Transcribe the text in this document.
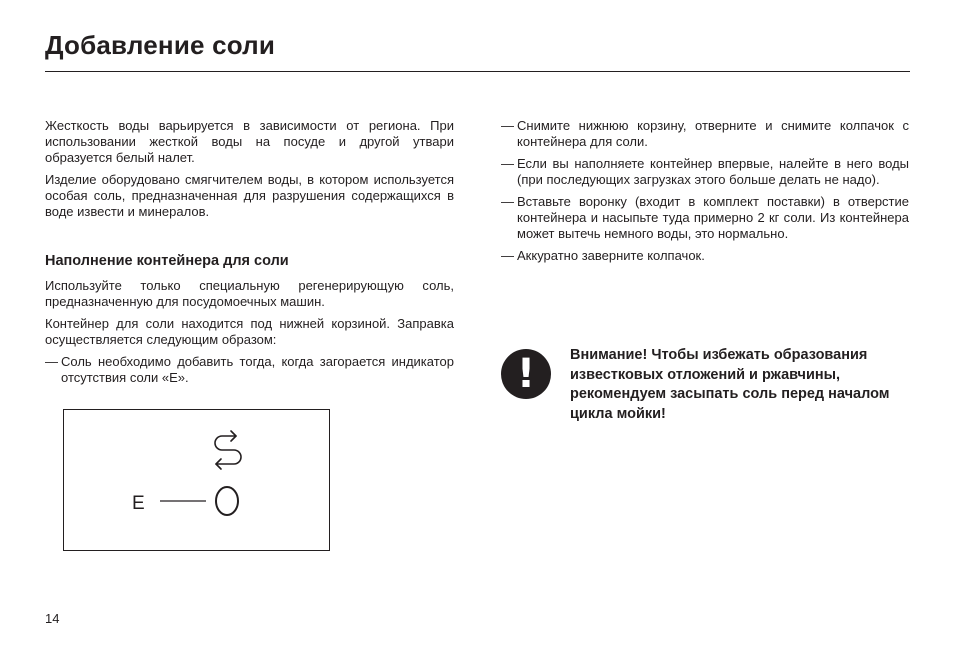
Добавление соли

Жесткость воды варьируется в зависимости от региона. При использовании жесткой воды на посуде и другой утвари образуется белый налет.

Изделие оборудовано смягчителем воды, в котором используется особая соль, предназначенная для разрушения содержащихся в воде извести и минералов.

Наполнение контейнера для соли

Используйте только специальную регенерирующую соль, предназначенную для посудомоечных машин.

Контейнер для соли находится под нижней корзиной. Заправка осуществляется следующим образом:

— Соль необходимо добавить тогда, когда загорается индикатор отсутствия соли «E».
E
— Снимите нижнюю корзину, отверните и снимите колпачок с контейнера для соли.
— Если вы наполняете контейнер впервые, налейте в него воды (при последующих загрузках этого больше делать не надо).
— Вставьте воронку (входит в комплект поставки) в отверстие контейнера и насыпьте туда примерно 2 кг соли. Из контейнера может вытечь немного воды, это нормально.
— Аккуратно заверните колпачок.
!	Внимание! Чтобы избежать образования известковых отложений и ржавчины, рекомендуем засыпать соль перед началом цикла мойки!
14
